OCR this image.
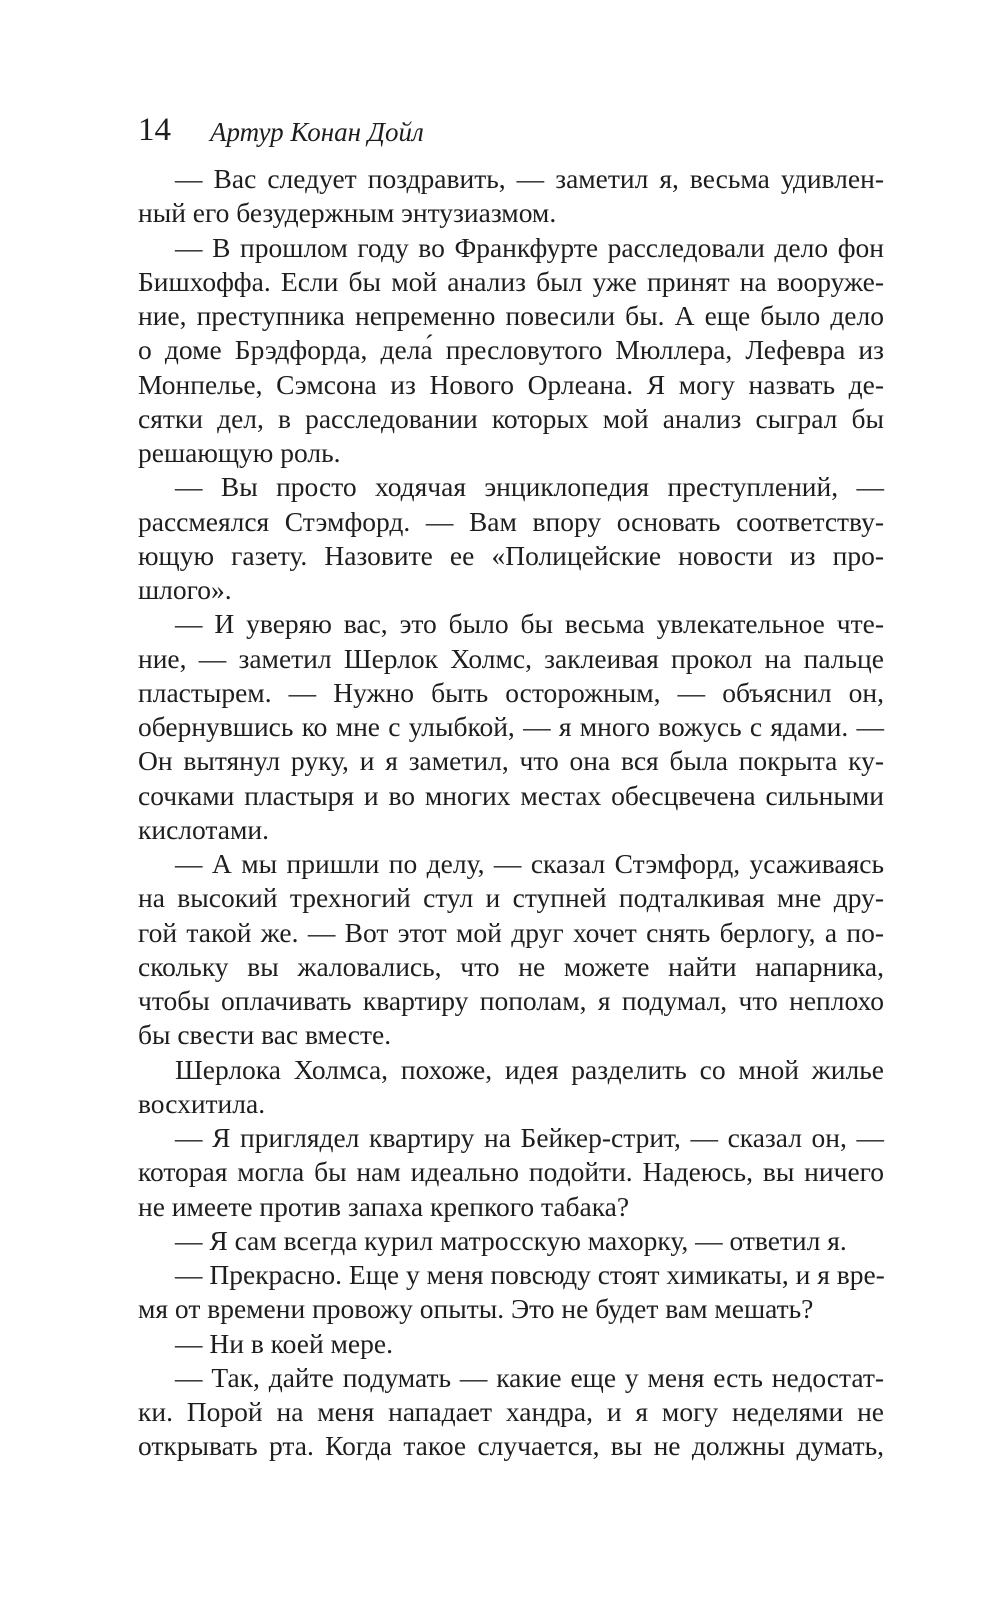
14 Артур Конан Дойл
— Вас следует поздравить, — заметил я, весьма удивлен-
ный его безудержным энтузиазмом.
— В прошлом году во Франкфурте расследовали дело фон
Бишхоффа. Если бы мой анализ был уже принят на вооруже-
ние, преступника непременно повесили бы. А еще было дело
о доме Брэдфорда, дела́ пресловутого Мюллера, Лефевра из
Монпелье, Сэмсона из Нового Орлеана. Я могу назвать де-
сятки дел, в расследовании которых мой анализ сыграл бы
решающую роль.
— Вы просто ходячая энциклопедия преступлений, —
рассмеялся Стэмфорд. — Вам впору основать соответству-
ющую газету. Назовите ее «Полицейские новости из про-
шлого».
— И уверяю вас, это было бы весьма увлекательное чте-
ние, — заметил Шерлок Холмс, заклеивая прокол на пальце
пластырем. — Нужно быть осторожным, — объяснил он,
обернувшись ко мне с улыбкой, — я много вожусь с ядами. —
Он вытянул руку, и я заметил, что она вся была покрыта ку-
сочками пластыря и во многих местах обесцвечена сильными
кислотами.
— А мы пришли по делу, — сказал Стэмфорд, усаживаясь
на высокий трехногий стул и ступней подталкивая мне дру-
гой такой же. — Вот этот мой друг хочет снять берлогу, а по-
скольку вы жаловались, что не можете найти напарника,
чтобы оплачивать квартиру пополам, я подумал, что неплохо
бы свести вас вместе.
Шерлока Холмса, похоже, идея разделить со мной жилье
восхитила.
— Я приглядел квартиру на Бейкер-стрит, — сказал он, —
которая могла бы нам идеально подойти. Надеюсь, вы ничего
не имеете против запаха крепкого табака?
— Я сам всегда курил матросскую махорку, — ответил я.
— Прекрасно. Еще у меня повсюду стоят химикаты, и я вре-
мя от времени провожу опыты. Это не будет вам мешать?
— Ни в коей мере.
— Так, дайте подумать — какие еще у меня есть недостат-
ки. Порой на меня нападает хандра, и я могу неделями не
открывать рта. Когда такое случается, вы не должны думать,
